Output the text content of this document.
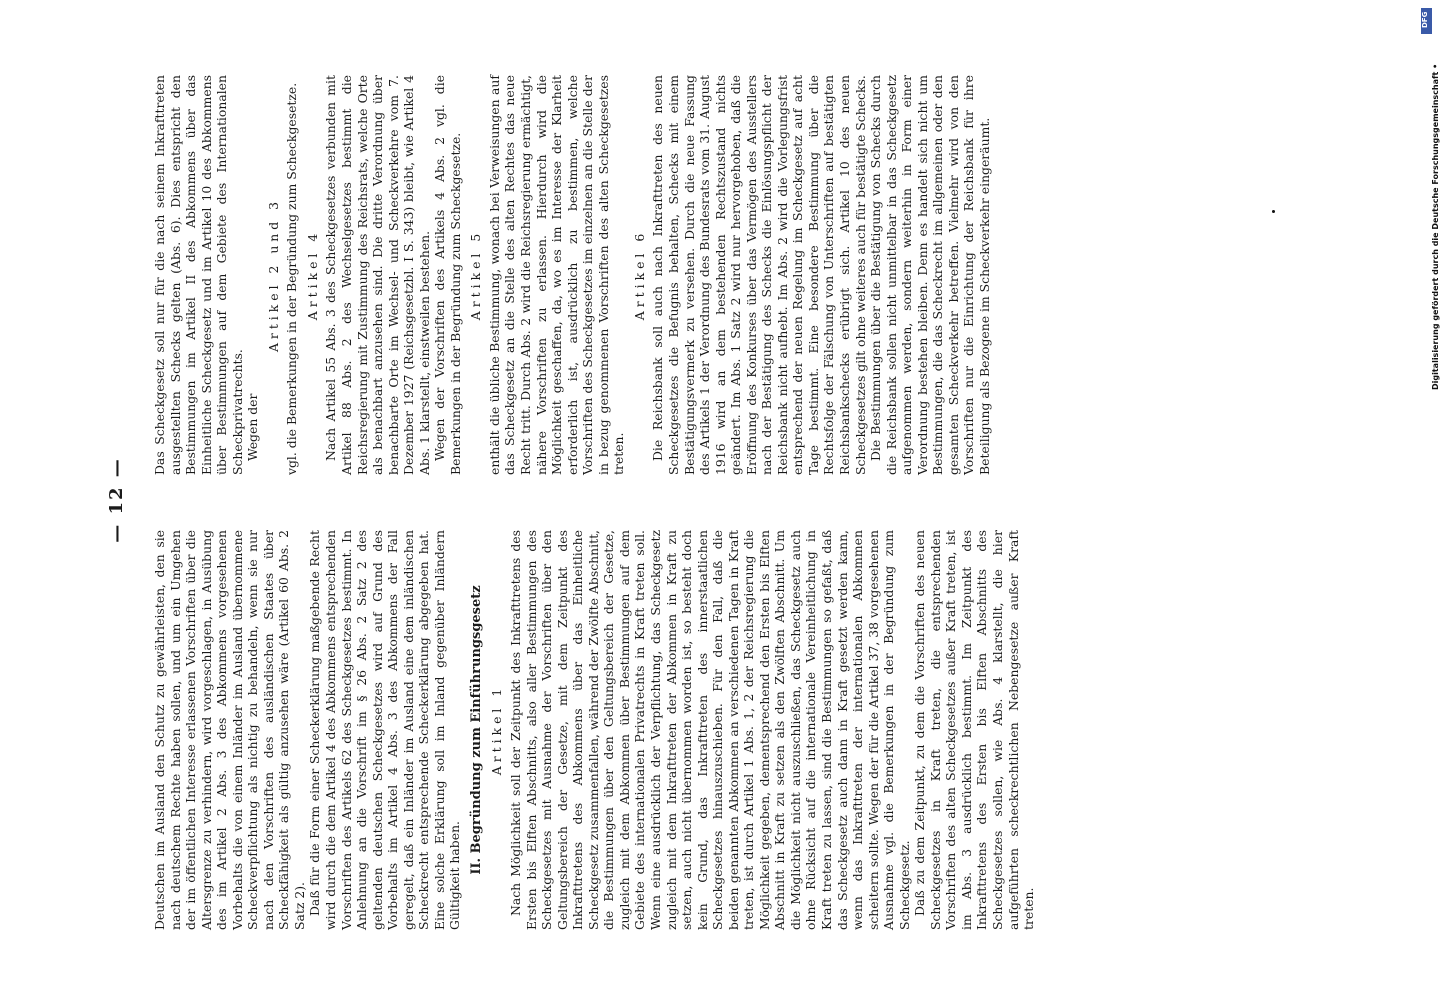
— 12 —

Deutschen im Ausland den Schutz zu gewährleisten, den sie nach deutschem Rechte haben sollen, und um ein Umgehen der im öffentlichen Interesse erlassenen Vorschriften über die Altersgrenze zu verhindern, wird vorgeschlagen, in Ausübung des im Artikel 2 Abs. 3 des Abkommens vorgesehenen Vorbehalts die von einem Inländer im Ausland übernommene Scheckverpflichtung als nichtig zu behandeln, wenn sie nur nach den Vorschriften des ausländischen Staates über Scheckfähigkeit als gültig anzusehen wäre (Artikel 60 Abs. 2 Satz 2). Daß für die Form einer Scheckerklärung maßgebende Recht wird durch die dem Artikel 4 des Abkommens entsprechenden Vorschriften des Artikels 62 des Scheckgesetzes bestimmt. In Anlehnung an die Vorschrift im § 26 Abs. 2 Satz 2 des geltenden deutschen Scheckgesetzes wird auf Grund des Vorbehalts im Artikel 4 Abs. 3 des Abkommens der Fall geregelt, daß ein Inländer im Ausland eine dem inländischen Scheckrecht entsprechende Scheckerklärung abgegeben hat. Eine solche Erklärung soll im Inland gegenüber Inländern Gültigkeit haben.

II. Begründung zum Einführungsgesetz Artikel 1 Nach Möglichkeit soll der Zeitpunkt des Inkrafttretens des Ersten bis Elften Abschnitts, also aller Bestimmungen des Scheckgesetzes mit Ausnahme der Vorschriften über den Geltungsbereich der Gesetze, mit dem Zeitpunkt des Inkrafttretens des Abkommens über das Einheitliche Scheckgesetz zusammenfallen, während der Zwölfte Abschnitt, die Bestimmungen über den Geltungsbereich der Gesetze, zugleich mit dem Abkommen über Bestimmungen auf dem Gebiete des internationalen Privatrechts in Kraft treten soll. Wenn eine ausdrücklich der Verpflichtung, das Scheckgesetz zugleich mit dem Inkrafttreten der Abkommen in Kraft zu setzen, auch nicht übernommen worden ist, so besteht doch kein Grund, das Inkrafttreten des innerstaatlichen Scheckgesetzes hinauszuschieben. Für den Fall, daß die beiden genannten Abkommen an verschiedenen Tagen in Kraft treten, ist durch Artikel 1 Abs. 1, 2 der Reichsregierung die Möglichkeit gegeben, dementsprechend den Ersten bis Elften Abschnitt in Kraft zu setzen als den Zwölften Abschnitt. Um die Möglichkeit nicht auszuschließen, das Scheckgesetz auch ohne Rücksicht auf die internationale Vereinheitlichung in Kraft treten zu lassen, sind die Bestimmungen so gefaßt, daß das Scheckgesetz auch dann in Kraft gesetzt werden kann, wenn das Inkrafttreten der internationalen Abkommen scheitern sollte. Wegen der für die Artikel 37, 38 vorgesehenen Ausnahme vgl. die Bemerkungen in der Begründung zum Scheckgesetz. Daß zu dem Zeitpunkt, zu dem die Vorschriften des neuen Scheckgesetzes in Kraft treten, die entsprechenden Vorschriften des alten Scheckgesetzes außer Kraft treten, ist im Abs. 3 ausdrücklich bestimmt. Im Zeitpunkt des Inkrafttretens des Ersten bis Elften Abschnitts des Scheckgesetzes sollen, wie Abs. 4 klarstellt, die hier aufgeführten scheckrechtlichen Nebengesetze außer Kraft treten.

Das Scheckgesetz soll nur für die nach seinem Inkrafttreten ausgestellten Schecks gelten (Abs. 6). Dies entspricht den Bestimmungen im Artikel II des Abkommens über das Einheitliche Scheckgesetz und im Artikel 10 des Abkommens über Bestimmungen auf dem Gebiete des Internationalen Scheckprivatrechts. Wegen der

Artikel 2 und 3 vgl. die Bemerkungen in der Begründung zum Scheckgesetze. Artikel 4 Nach Artikel 55 Abs. 3 des Scheckgesetzes verbunden mit Artikel 88 Abs. 2 des Wechselgesetzes bestimmt die Reichsregierung mit Zustimmung des Reichsrats, welche Orte als benachbart anzusehen sind. Die dritte Verordnung über benachbarte Orte im Wechsel- und Scheckverkehre vom 7. Dezember 1927 (Reichsgesetzbl. I S. 343) bleibt, wie Artikel 4 Abs. 1 klarstellt, einstweilen bestehen. Wegen der Vorschriften des Artikels 4 Abs. 2 vgl. die Bemerkungen in der Begründung zum Scheckgesetze. Artikel 5 enthält die übliche Bestimmung, wonach bei Verweisungen auf das Scheckgesetz an die Stelle des alten Rechtes das neue Recht tritt. Durch Abs. 2 wird die Reichsregierung ermächtigt, nähere Vorschriften zu erlassen. Hierdurch wird die Möglichkeit geschaffen, da, wo es im Interesse der Klarheit erforderlich ist, ausdrücklich zu bestimmen, welche Vorschriften des Scheckgesetzes im einzelnen an die Stelle der in bezug genommenen Vorschriften des alten Scheckgesetzes treten.

Artikel 6 Die Reichsbank soll auch nach Inkrafttreten des neuen Scheckgesetzes die Befugnis behalten, Schecks mit einem Bestätigungsvermerk zu versehen. Durch die neue Fassung des Artikels 1 der Verordnung des Bundesrats vom 31. August 1916 wird an dem bestehenden Rechtszustand nichts geändert. Im Abs. 1 Satz 2 wird nur hervorgehoben, daß die Eröffnung des Konkurses über das Vermögen des Ausstellers nach der Bestätigung des Schecks die Einlösungspflicht der Reichsbank nicht aufhebt. Im Abs. 2 wird die Vorlegungsfrist entsprechend der neuen Regelung im Scheckgesetz auf acht Tage bestimmt. Eine besondere Bestimmung über die Rechtsfolge der Fälschung von Unterschriften auf bestätigten Reichsbankschecks erübrigt sich. Artikel 10 des neuen Scheckgesetzes gilt ohne weiteres auch für bestätigte Schecks. Die Bestimmungen über die Bestätigung von Schecks durch die Reichsbank sollen nicht unmittelbar in das Scheckgesetz aufgenommen werden, sondern weiterhin in Form einer Verordnung bestehen bleiben. Denn es handelt sich nicht um Bestimmungen, die das Scheckrecht im allgemeinen oder den gesamten Scheckverkehr betreffen. Vielmehr wird von den Vorschriften nur die Einrichtung der Reichsbank für ihre Beteiligung als Bezogene im Scheckverkehr eingeräumt.

DFG
Digitalisierung gefördert durch die Deutsche Forschungsgemeinschaft •
